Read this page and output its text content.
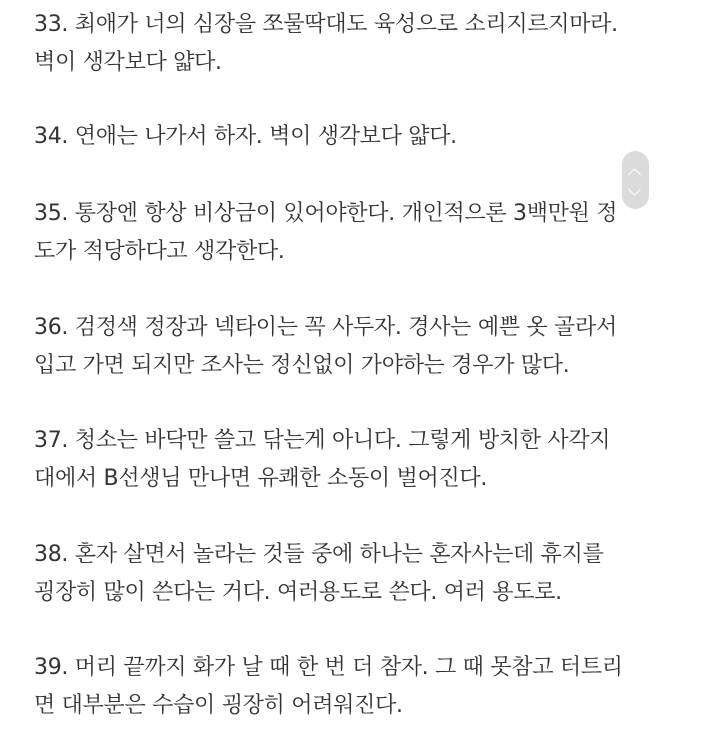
33. 최애가 너의 심장을 쪼물딱대도 육성으로 소리지르지마라.
벽이 생각보다 얇다.

34. 연애는 나가서 하자. 벽이 생각보다 얇다.

35. 통장엔 항상 비상금이 있어야한다. 개인적으론 3백만원 정
도가 적당하다고 생각한다.

36. 검정색 정장과 넥타이는 꼭 사두자. 경사는 예쁜 옷 골라서
입고 가면 되지만 조사는 정신없이 가야하는 경우가 많다.

37. 청소는 바닥만 쓸고 닦는게 아니다. 그렇게 방치한 사각지
대에서 B선생님 만나면 유쾌한 소동이 벌어진다.

38. 혼자 살면서 놀라는 것들 중에 하나는 혼자사는데 휴지를
굉장히 많이 쓴다는 거다. 여러용도로 쓴다. 여러 용도로.

39. 머리 끝까지 화가 날 때 한 번 더 참자. 그 때 못참고 터트리
면 대부분은 수습이 굉장히 어려워진다.
